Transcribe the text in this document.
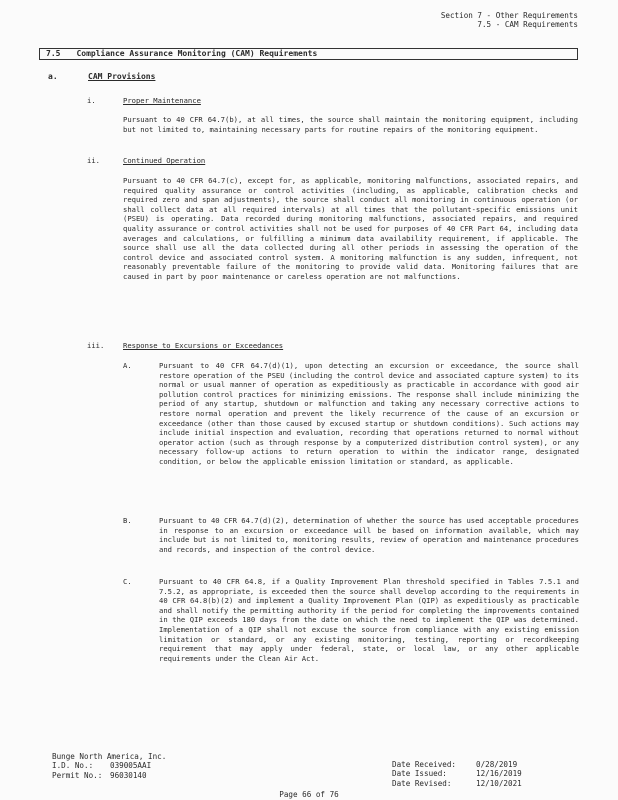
Section 7 - Other Requirements
7.5 - CAM Requirements
7.5 Compliance Assurance Monitoring (CAM) Requirements
a.	CAM Provisions
i.	Proper Maintenance
Pursuant to 40 CFR 64.7(b), at all times, the source shall maintain the monitoring equipment, including but not limited to, maintaining necessary parts for routine repairs of the monitoring equipment.
ii.	Continued Operation
Pursuant to 40 CFR 64.7(c), except for, as applicable, monitoring malfunctions, associated repairs, and required quality assurance or control activities (including, as applicable, calibration checks and required zero and span adjustments), the source shall conduct all monitoring in continuous operation (or shall collect data at all required intervals) at all times that the pollutant-specific emissions unit (PSEU) is operating. Data recorded during monitoring malfunctions, associated repairs, and required quality assurance or control activities shall not be used for purposes of 40 CFR Part 64, including data averages and calculations, or fulfilling a minimum data availability requirement, if applicable. The source shall use all the data collected during all other periods in assessing the operation of the control device and associated control system. A monitoring malfunction is any sudden, infrequent, not reasonably preventable failure of the monitoring to provide valid data. Monitoring failures that are caused in part by poor maintenance or careless operation are not malfunctions.
iii.	Response to Excursions or Exceedances
A.	Pursuant to 40 CFR 64.7(d)(1), upon detecting an excursion or exceedance, the source shall restore operation of the PSEU (including the control device and associated capture system) to its normal or usual manner of operation as expeditiously as practicable in accordance with good air pollution control practices for minimizing emissions. The response shall include minimizing the period of any startup, shutdown or malfunction and taking any necessary corrective actions to restore normal operation and prevent the likely recurrence of the cause of an excursion or exceedance (other than those caused by excused startup or shutdown conditions). Such actions may include initial inspection and evaluation, recording that operations returned to normal without operator action (such as through response by a computerized distribution control system), or any necessary follow-up actions to return operation to within the indicator range, designated condition, or below the applicable emission limitation or standard, as applicable.
B.	Pursuant to 40 CFR 64.7(d)(2), determination of whether the source has used acceptable procedures in response to an excursion or exceedance will be based on information available, which may include but is not limited to, monitoring results, review of operation and maintenance procedures and records, and inspection of the control device.
C.	Pursuant to 40 CFR 64.8, if a Quality Improvement Plan threshold specified in Tables 7.5.1 and 7.5.2, as appropriate, is exceeded then the source shall develop according to the requirements in 40 CFR 64.8(b)(2) and implement a Quality Improvement Plan (QIP) as expeditiously as practicable and shall notify the permitting authority if the period for completing the improvements contained in the QIP exceeds 180 days from the date on which the need to implement the QIP was determined. Implementation of a QIP shall not excuse the source from compliance with any existing emission limitation or standard, or any existing monitoring, testing, reporting or recordkeeping requirement that may apply under federal, state, or local law, or any other applicable requirements under the Clean Air Act.
Bunge North America, Inc.
I.D. No.: 039005AAI
Permit No.: 96030140
Date Received:	0/28/2019
Date Issued:	12/16/2019
Date Revised:	12/10/2021
Page 66 of 76
